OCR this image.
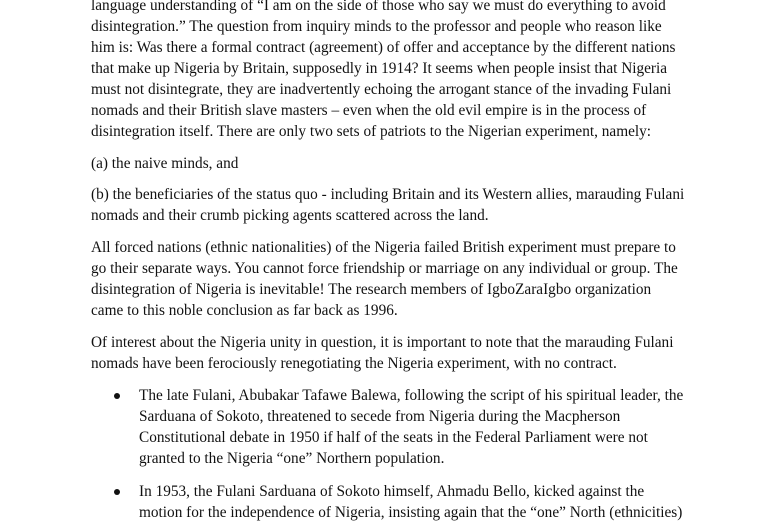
language understanding of “I am on the side of those who say we must do everything to avoid

disintegration.” The question from inquiry minds to the professor and people who reason like

him is: Was there a formal contract (agreement) of offer and acceptance by the different nations

that make up Nigeria by Britain, supposedly in 1914? It seems when people insist that Nigeria

must not disintegrate, they are inadvertently echoing the arrogant stance of the invading Fulani

nomads and their British slave masters – even when the old evil empire is in the process of

disintegration itself. There are only two sets of patriots to the Nigerian experiment, namely:

(a) the naive minds, and

(b) the beneficiaries of the status quo - including Britain and its Western allies, marauding Fulani

nomads and their crumb picking agents scattered across the land.

All forced nations (ethnic nationalities) of the Nigeria failed British experiment must prepare to

go their separate ways. You cannot force friendship or marriage on any individual or group. The

disintegration of Nigeria is inevitable! The research members of IgboZaraIgbo organization

came to this noble conclusion as far back as 1996.

Of interest about the Nigeria unity in question, it is important to note that the marauding Fulani

nomads have been ferociously renegotiating the Nigeria experiment, with no contract.

The late Fulani, Abubakar Tafawe Balewa, following the script of his spiritual leader, the

Sarduana of Sokoto, threatened to secede from Nigeria during the Macpherson

Constitutional debate in 1950 if half of the seats in the Federal Parliament were not

granted to the Nigeria “one” Northern population.

In 1953, the Fulani Sarduana of Sokoto himself, Ahmadu Bello, kicked against the

motion for the independence of Nigeria, insisting again that the “one” North (ethnicities)
